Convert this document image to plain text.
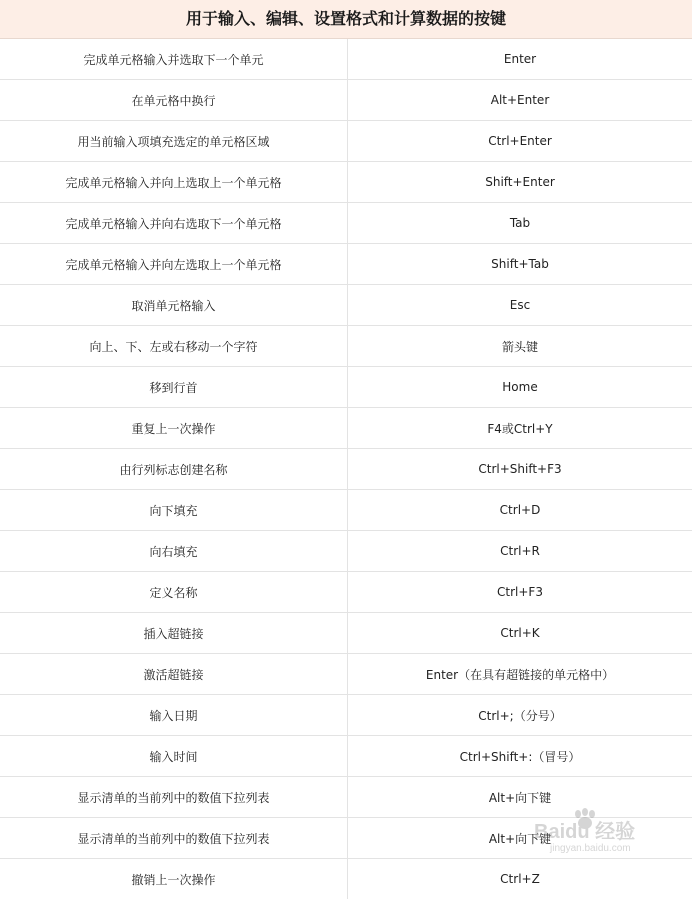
用于输入、编辑、设置格式和计算数据的按键
完成单元格输入并选取下一个单元	Enter
在单元格中换行	Alt+Enter
用当前输入项填充选定的单元格区域	Ctrl+Enter
完成单元格输入并向上选取上一个单元格	Shift+Enter
完成单元格输入并向右选取下一个单元格	Tab
完成单元格输入并向左选取上一个单元格	Shift+Tab
取消单元格输入	Esc
向上、下、左或右移动一个字符	箭头键
移到行首	Home
重复上一次操作	F4或Ctrl+Y
由行列标志创建名称	Ctrl+Shift+F3
向下填充	Ctrl+D
向右填充	Ctrl+R
定义名称	Ctrl+F3
插入超链接	Ctrl+K
激活超链接	Enter（在具有超链接的单元格中）
输入日期	Ctrl+;（分号）
输入时间	Ctrl+Shift+:（冒号）
显示清单的当前列中的数值下拉列表	Alt+向下键
显示清单的当前列中的数值下拉列表	Alt+向下键
撤销上一次操作	Ctrl+Z
Baidu 经验
jingyan.baidu.com
